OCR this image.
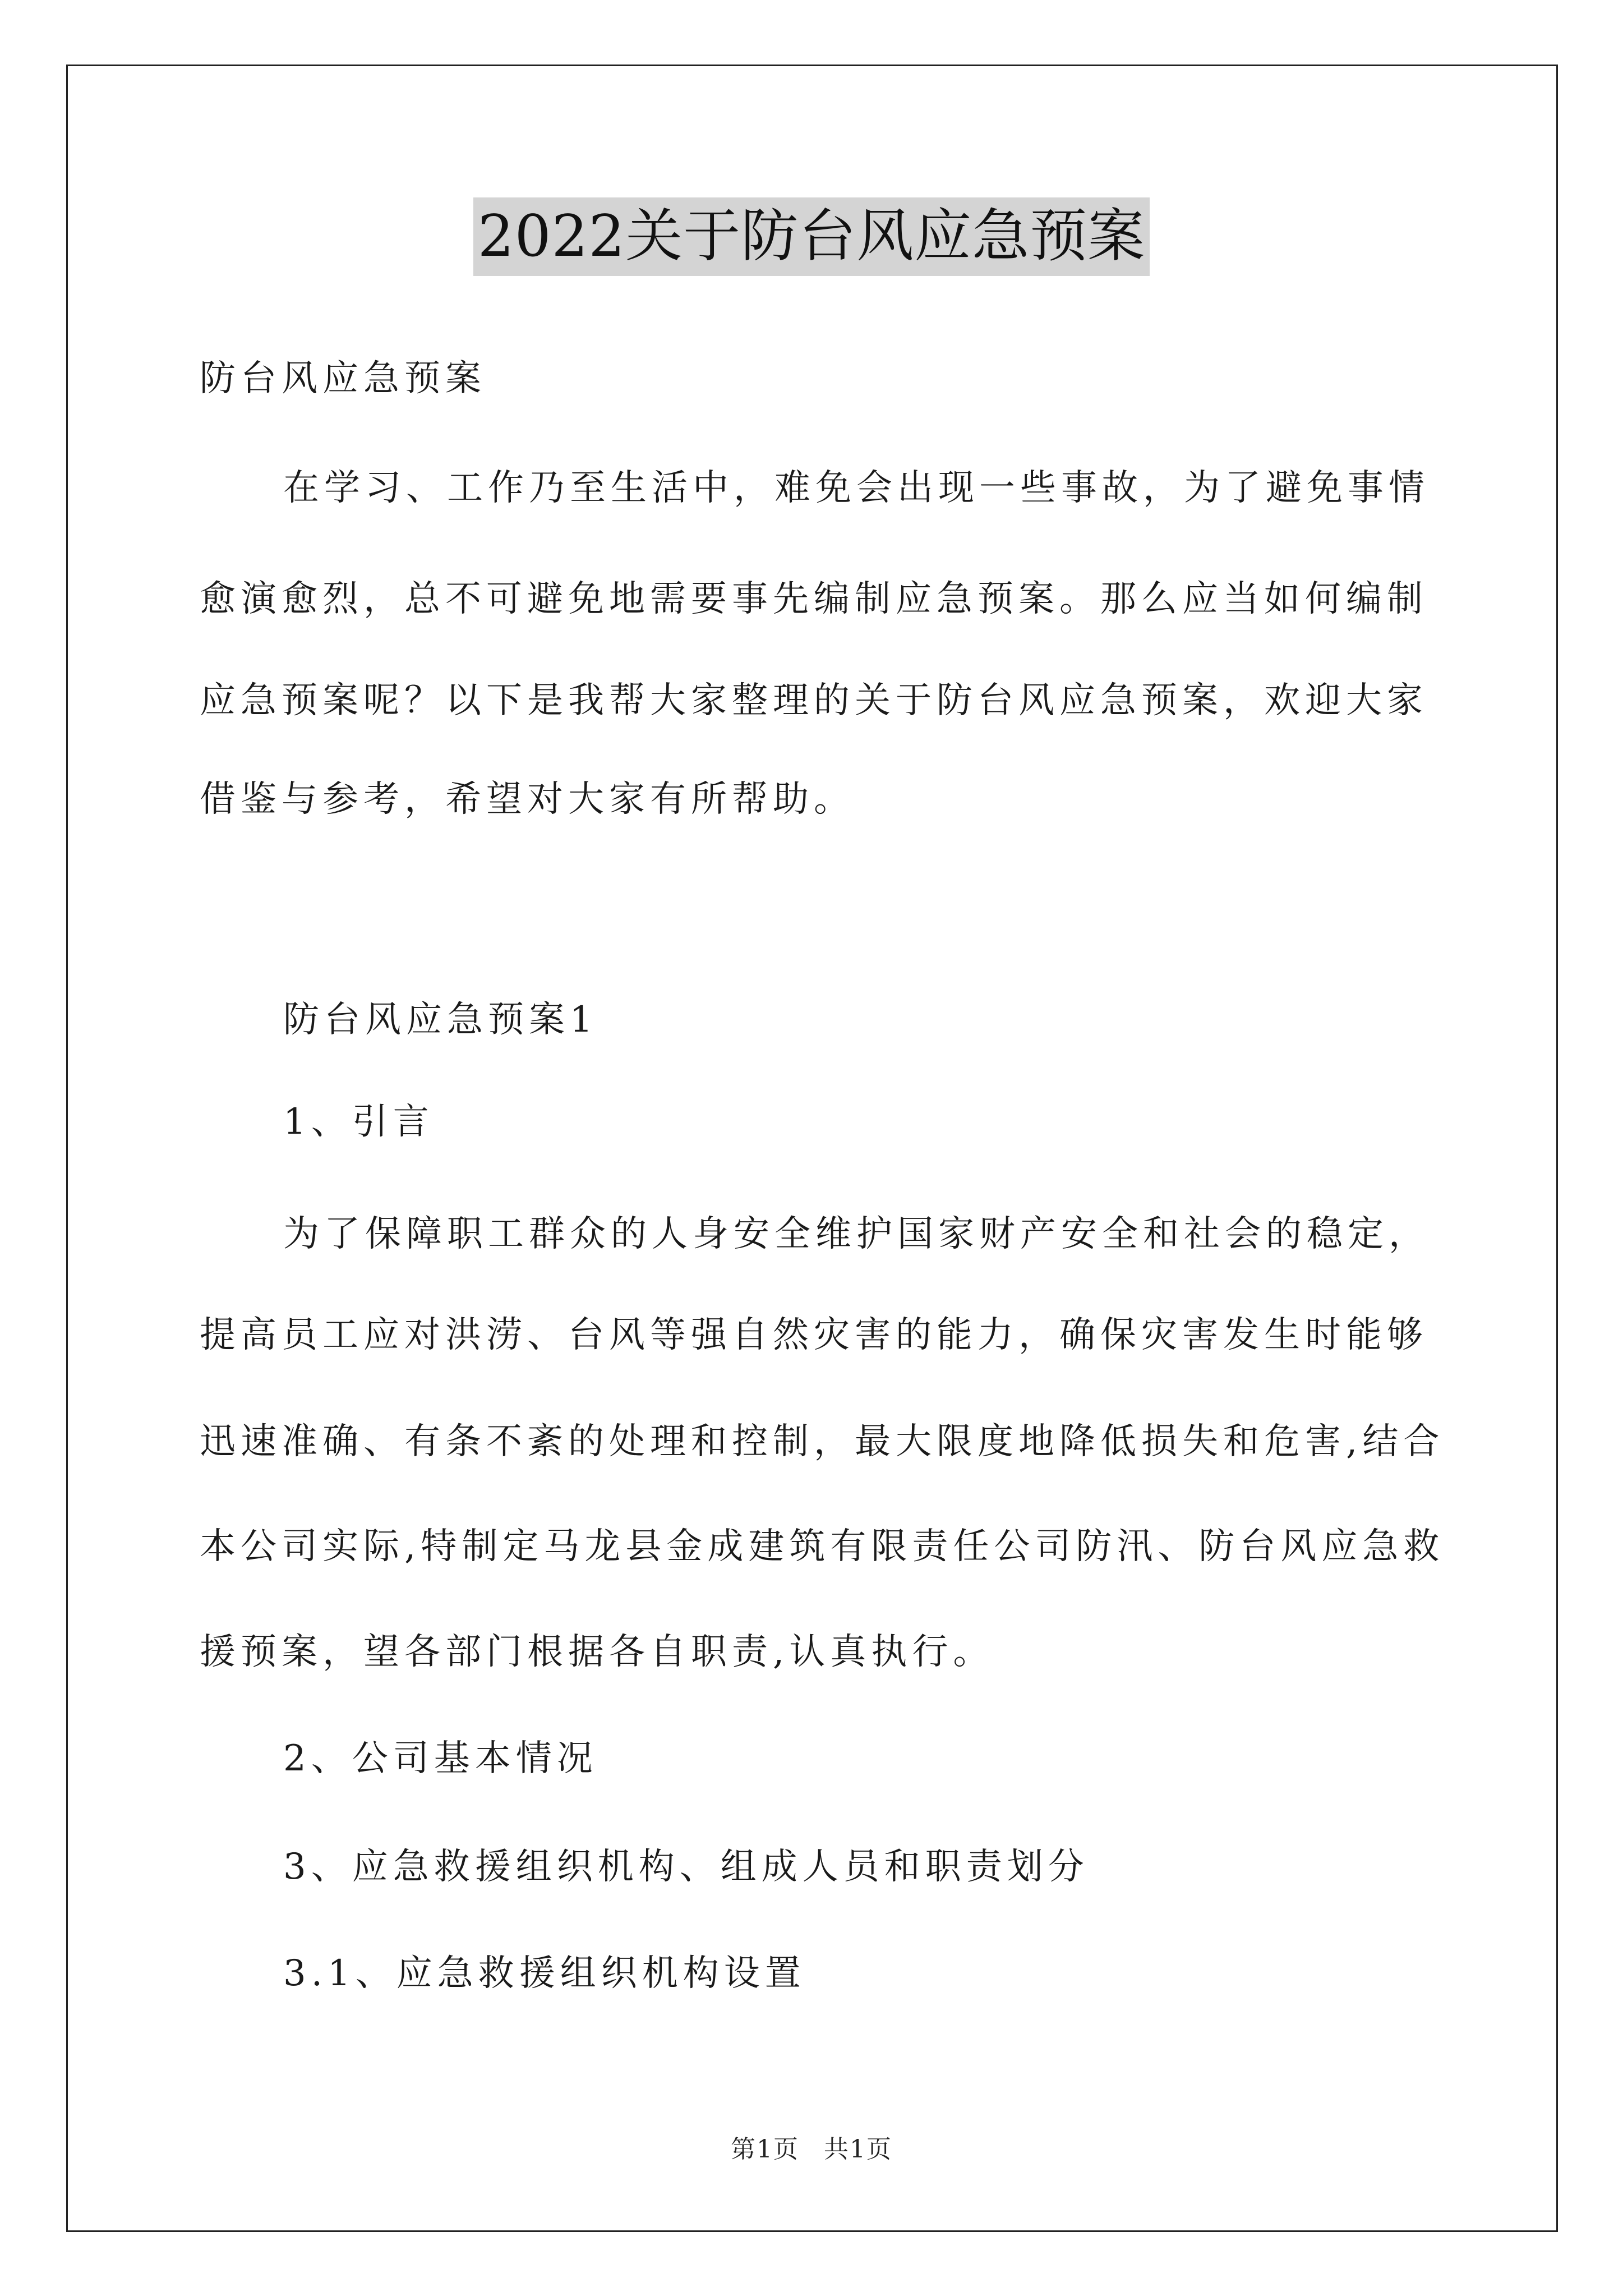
2022关于防台风应急预案
防台风应急预案
在学习、工作乃至生活中，难免会出现一些事故，为了避免事情
愈演愈烈，总不可避免地需要事先编制应急预案。那么应当如何编制
应急预案呢？以下是我帮大家整理的关于防台风应急预案，欢迎大家
借鉴与参考，希望对大家有所帮助。
防台风应急预案1
1、引言
为了保障职工群众的人身安全维护国家财产安全和社会的稳定，
提高员工应对洪涝、台风等强自然灾害的能力，确保灾害发生时能够
迅速准确、有条不紊的处理和控制，最大限度地降低损失和危害,结合
本公司实际,特制定马龙县金成建筑有限责任公司防汛、防台风应急救
援预案，望各部门根据各自职责,认真执行。
2、公司基本情况
3、应急救援组织机构、组成人员和职责划分
3.1、应急救援组织机构设置
第1页 共1页
